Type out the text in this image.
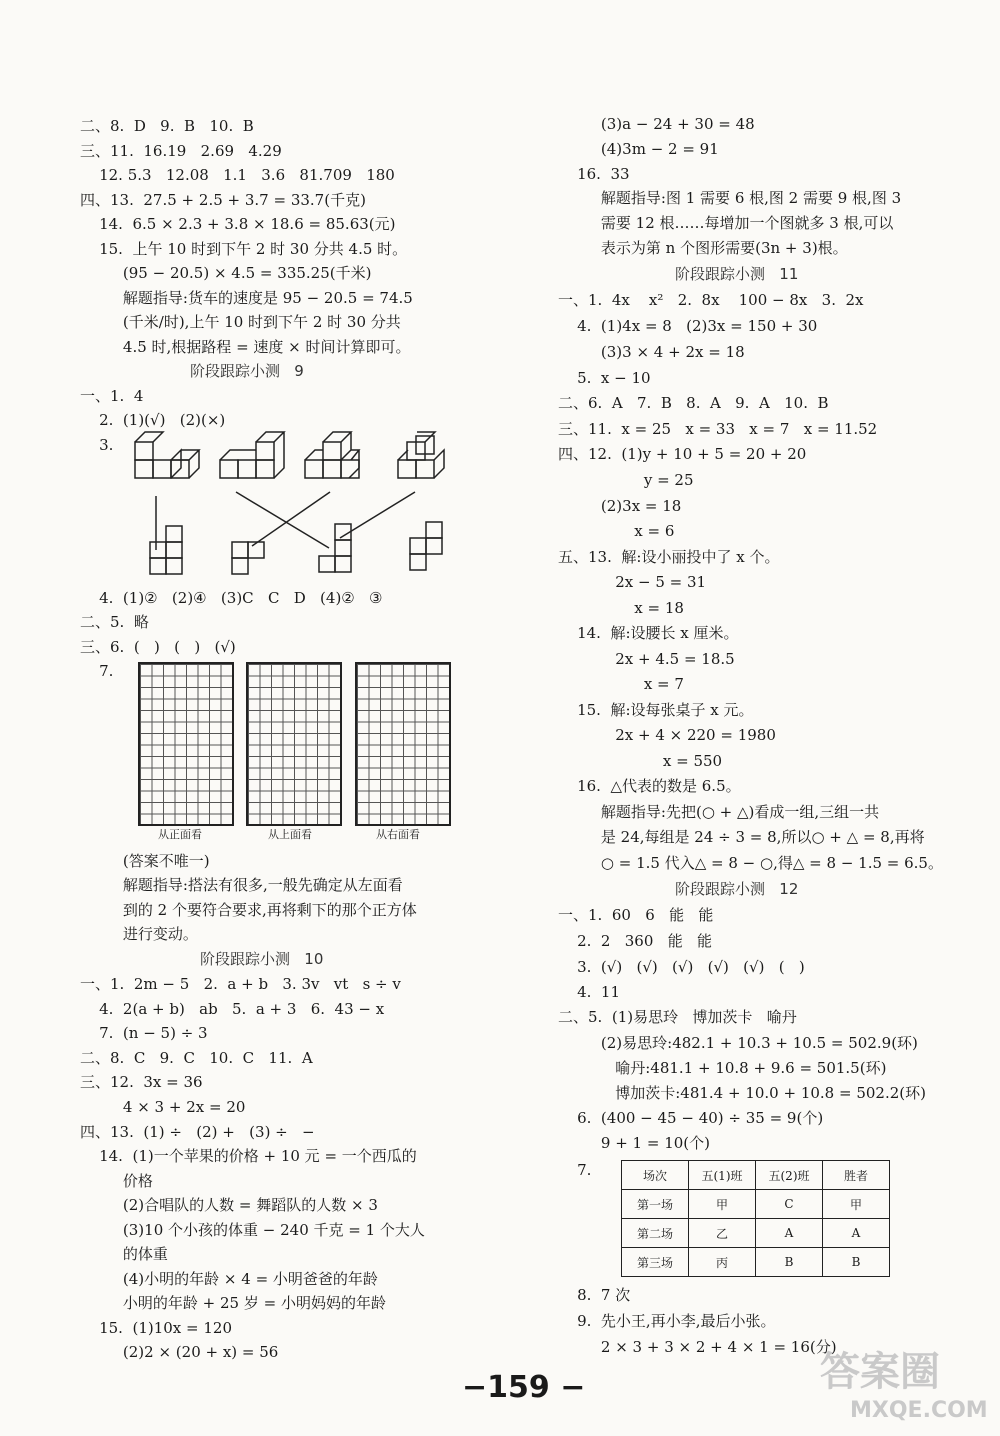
二、8.  D   9.  B   10.  B
三、11.  16.19   2.69   4.29
12. 5.3   12.08   1.1   3.6   81.709   180
四、13.  27.5 + 2.5 + 3.7 = 33.7(千克)
14.  6.5 × 2.3 + 3.8 × 18.6 = 85.63(元)
15.  上午 10 时到下午 2 时 30 分共 4.5 时。
(95 − 20.5) × 4.5 = 335.25(千米)
解题指导:货车的速度是 95 − 20.5 = 74.5
(千米/时),上午 10 时到下午 2 时 30 分共
4.5 时,根据路程 = 速度 × 时间计算即可。
阶段跟踪小测   9
一、1.  4
2.  (1)(√)   (2)(×)
3.
4.  (1)②   (2)④   (3)C   C   D   (4)②   ③
二、5.  略
三、6.  (   )   (   )   (√)
7.
从正面看	从上面看	从右面看
(答案不唯一)
解题指导:搭法有很多,一般先确定从左面看
到的 2 个要符合要求,再将剩下的那个正方体
进行变动。
阶段跟踪小测   10
一、1.  2m − 5   2.  a + b   3. 3v   vt   s ÷ v
4.  2(a + b)   ab   5.  a + 3   6.  43 − x
7.  (n − 5) ÷ 3
二、8.  C   9.  C   10.  C   11.  A
三、12.  3x = 36
4 × 3 + 2x = 20
四、13.  (1) ÷   (2) +   (3) ÷   −
14.  (1)一个苹果的价格 + 10 元 = 一个西瓜的
价格
(2)合唱队的人数 = 舞蹈队的人数 × 3
(3)10 个小孩的体重 − 240 千克 = 1 个大人
的体重
(4)小明的年龄 × 4 = 小明爸爸的年龄
小明的年龄 + 25 岁 = 小明妈妈的年龄
15.  (1)10x = 120
(2)2 × (20 + x) = 56
(3)a − 24 + 30 = 48
(4)3m − 2 = 91
16.  33
解题指导:图 1 需要 6 根,图 2 需要 9 根,图 3
需要 12 根……每增加一个图就多 3 根,可以
表示为第 n 个图形需要(3n + 3)根。
阶段跟踪小测   11
一、1.  4x    x²   2.  8x    100 − 8x   3.  2x
4.  (1)4x = 8   (2)3x = 150 + 30
(3)3 × 4 + 2x = 18
5.  x − 10
二、6.  A   7.  B   8.  A   9.  A   10.  B
三、11.  x = 25   x = 33   x = 7   x = 11.52
四、12.  (1)y + 10 + 5 = 20 + 20
y = 25
(2)3x = 18
x = 6
五、13.  解:设小丽投中了 x 个。
2x − 5 = 31
x = 18
14.  解:设腰长 x 厘米。
2x + 4.5 = 18.5
x = 7
15.  解:设每张桌子 x 元。
2x + 4 × 220 = 1980
x = 550
16.  △代表的数是 6.5。
解题指导:先把(○ + △)看成一组,三组一共
是 24,每组是 24 ÷ 3 = 8,所以○ + △ = 8,再将
○ = 1.5 代入△ = 8 − ○,得△ = 8 − 1.5 = 6.5。
阶段跟踪小测   12
一、1.  60   6   能   能
2.  2   360   能   能
3.  (√)   (√)   (√)   (√)   (√)   (   )
4.  11
二、5.  (1)易思玲   博加茨卡   喻丹
(2)易思玲:482.1 + 10.3 + 10.5 = 502.9(环)
喻丹:481.1 + 10.8 + 9.6 = 501.5(环)
博加茨卡:481.4 + 10.0 + 10.8 = 502.2(环)
6.  (400 − 45 − 40) ÷ 35 = 9(个)
9 + 1 = 10(个)
7.	场次	五(1)班	五(2)班	胜者
第一场	甲	C	甲
第二场	乙	A	A
第三场	丙	B	B
8.  7 次
9.  先小王,再小李,最后小张。
2 × 3 + 3 × 2 + 4 × 1 = 16(分)
−159 −	答案圈
MXQE.COM
